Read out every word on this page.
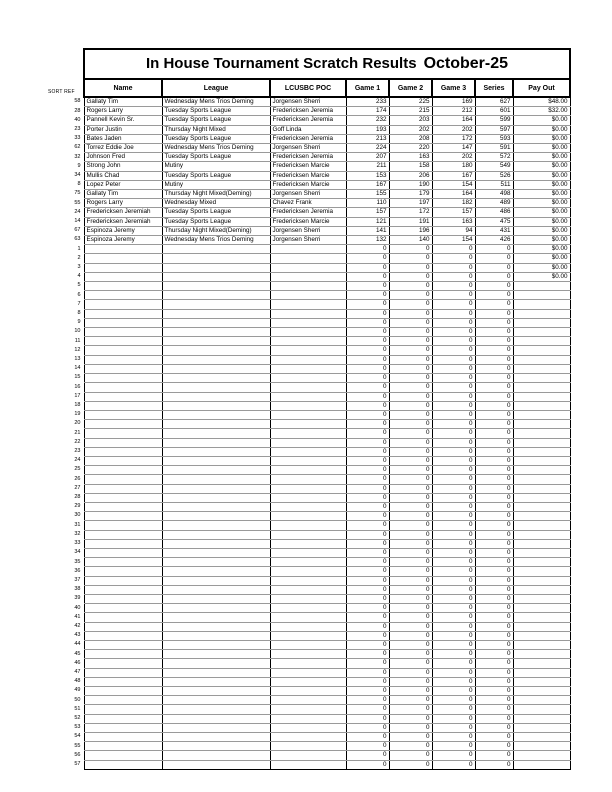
SORT REF
	In House Tournament Scratch Results October-25							
	Name	League	LCUSBC POC	Game 1	Game 2	Game 3	Series	Pay Out
58	Gallaty Tim	Wednesday Mens Trios Deming	Jorgensen Sherri	233	225	169	627	$48.00
28	Rogers Larry	Tuesday Sports League	Fredericksen Jeremia	174	215	212	601	$32.00
40	Pannell Kevin Sr.	Tuesday Sports League	Fredericksen Jeremia	232	203	164	599	$0.00
23	Porter Justin	Thursday Night Mixed	Goff Linda	193	202	202	597	$0.00
33	Bates Jaden	Tuesday Sports League	Fredericksen Jeremia	213	208	172	593	$0.00
62	Torrez Eddie Joe	Wednesday Mens Trios Deming	Jorgensen Sherri	224	220	147	591	$0.00
32	Johnson Fred	Tuesday Sports League	Fredericksen Jeremia	207	163	202	572	$0.00
9	Strong John	Mutiny	Fredericksen Marcie	211	158	180	549	$0.00
34	Mullis Chad	Tuesday Sports League	Fredericksen Marcie	153	206	167	526	$0.00
8	Lopez Peter	Mutiny	Fredericksen Marcie	167	190	154	511	$0.00
75	Gallaty Tim	Thursday Night Mixed(Deming)	Jorgensen Sherri	155	179	164	498	$0.00
55	Rogers Larry	Wednesday Mixed	Chavez Frank	110	197	182	489	$0.00
24	Fredericksen Jeremiah	Tuesday Sports League	Fredericksen Jeremia	157	172	157	486	$0.00
14	Fredericksen Jeremiah	Tuesday Sports League	Fredericksen Marcie	121	191	163	475	$0.00
67	Espinoza Jeremy	Thursday Night Mixed(Deming)	Jorgensen Sherri	141	196	94	431	$0.00
63	Espinoza Jeremy	Wednesday Mens Trios Deming	Jorgensen Sherri	132	140	154	426	$0.00
1				0	0	0	0	$0.00
2				0	0	0	0	$0.00
3				0	0	0	0	$0.00
4				0	0	0	0	$0.00
5				0	0	0	0	
6				0	0	0	0	
7				0	0	0	0	
8				0	0	0	0	
9				0	0	0	0	
10				0	0	0	0	
11				0	0	0	0	
12				0	0	0	0	
13				0	0	0	0	
14				0	0	0	0	
15				0	0	0	0	
16				0	0	0	0	
17				0	0	0	0	
18				0	0	0	0	
19				0	0	0	0	
20				0	0	0	0	
21				0	0	0	0	
22				0	0	0	0	
23				0	0	0	0	
24				0	0	0	0	
25				0	0	0	0	
26				0	0	0	0	
27				0	0	0	0	
28				0	0	0	0	
29				0	0	0	0	
30				0	0	0	0	
31				0	0	0	0	
32				0	0	0	0	
33				0	0	0	0	
34				0	0	0	0	
35				0	0	0	0	
36				0	0	0	0	
37				0	0	0	0	
38				0	0	0	0	
39				0	0	0	0	
40				0	0	0	0	
41				0	0	0	0	
42				0	0	0	0	
43				0	0	0	0	
44				0	0	0	0	
45				0	0	0	0	
46				0	0	0	0	
47				0	0	0	0	
48				0	0	0	0	
49				0	0	0	0	
50				0	0	0	0	
51				0	0	0	0	
52				0	0	0	0	
53				0	0	0	0	
54				0	0	0	0	
55				0	0	0	0	
56				0	0	0	0	
57				0	0	0	0	
